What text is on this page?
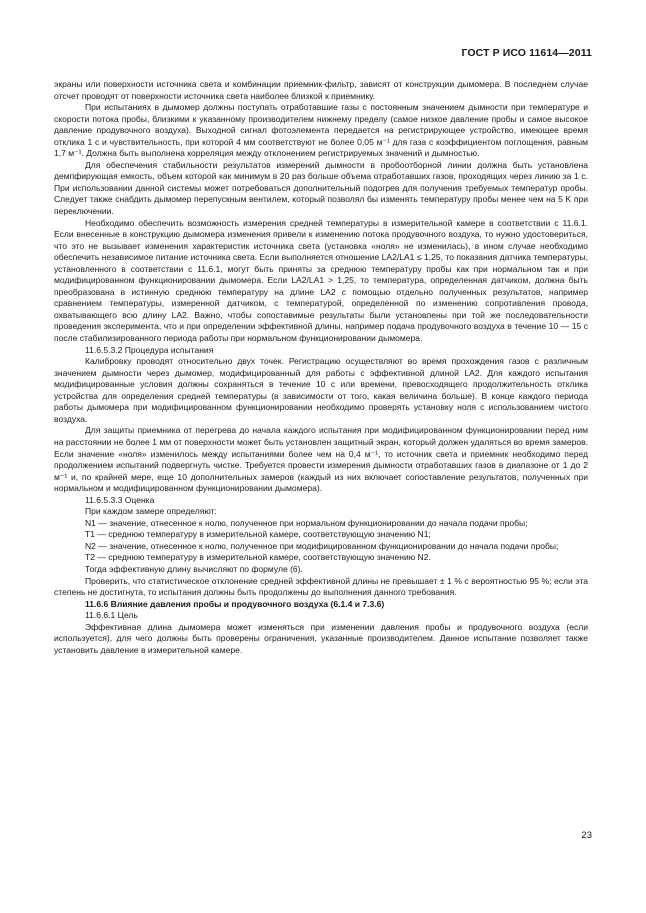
ГОСТ Р ИСО 11614—2011

экраны или поверхности источника света и комбинации приемник-фильтр, зависят от конструкции дымомера. В последнем случае отсчет проводят от поверхности источника света наиболее близкой к приемнику.

При испытаниях в дымомер должны поступать отработавшие газы с постоянным значением дымности при температуре и скорости потока пробы, близкими к указанному производителем нижнему пределу (самое низкое давление пробы и самое высокое давление продувочного воздуха). Выходной сигнал фотоэлемента передается на регистрирующее устройство, имеющее время отклика 1 с и чувствительность, при которой 4 мм соответствуют не более 0,05 м⁻¹ для газа с коэффициентом поглощения, равным 1,7 м⁻¹. Должна быть выполнена корреляция между отклонением регистрируемых значений и дымностью.

Для обеспечения стабильности результатов измерений дымности в пробоотборной линии должна быть установлена демпфирующая емкость, объем которой как минимум в 20 раз больше объема отработавших газов, проходящих через линию за 1 с. При использовании данной системы может потребоваться дополнительный подогрев для получения требуемых температур пробы. Следует также снабдить дымомер перепускным вентилем, который позволял бы изменять температуру пробы менее чем на 5 K при переключении.

Необходимо обеспечить возможность измерения средней температуры в измерительной камере в соответствии с 11.6.1. Если внесенные в конструкцию дымомера изменения привели к изменению потока продувочного воздуха, то нужно удостовериться, что это не вызывает изменения характеристик источника света (установка «ноля» не изменилась), в ином случае необходимо обеспечить независимое питание источника света. Если выполняется отношение LA2/LA1 ≤ 1,25, то показания датчика температуры, установленного в соответствии с 11.6.1, могут быть приняты за среднюю температуру пробы как при нормальном так и при модифицированном функционировании дымомера. Если LA2/LA1 > 1,25, то температура, определенная датчиком, должна быть преобразована в истинную среднюю температуру на длине LA2 с помощью отдельно полученных результатов, например сравнением температуры, измеренной датчиком, с температурой, определенной по изменению сопротивления провода, охватывающего всю длину LA2. Важно, чтобы сопоставимые результаты были установлены при той же последовательности проведения эксперимента, что и при определении эффективной длины, например подача продувочного воздуха в течение 10 — 15 с после стабилизированного периода работы при нормальном функционировании дымомера.

11.6.5.3.2 Процедура испытания

Калибровку проводят относительно двух точек. Регистрацию осуществляют во время прохождения газов с различным значением дымности через дымомер, модифицированный для работы с эффективной длиной LA2. Для каждого испытания модифицированные условия должны сохраняться в течение 10 с или времени, превосходящего продолжительность отклика устройства для определения средней температуры (в зависимости от того, какая величина больше). В конце каждого периода работы дымомера при модифицированном функционировании необходимо проверять установку ноля с использованием чистого воздуха.

Для защиты приемника от перегрева до начала каждого испытания при модифицированном функционировании перед ним на расстоянии не более 1 мм от поверхности может быть установлен защитный экран, который должен удаляться во время замеров. Если значение «ноля» изменилось между испытаниями более чем на 0,4 м⁻¹, то источник света и приемник необходимо перед продолжением испытаний подвергнуть чистке. Требуется провести измерения дымности отработавших газов в диапазоне от 1 до 2 м⁻¹ и, по крайней мере, еще 10 дополнительных замеров (каждый из них включает сопоставление результатов, полученных при нормальном и модифицированном функционировании дымомера).

11.6.5.3.3 Оценка

При каждом замере определяют:

N1 — значение, отнесенное к нолю, полученное при нормальном функционировании до начала подачи пробы;

T1 — среднюю температуру в измерительной камере, соответствующую значению N1;

N2 — значение, отнесенное к нолю, полученное при модифицированном функционировании до начала подачи пробы;

T2 — среднюю температуру в измерительной камере, соответствующую значению N2.

Тогда эффективную длину вычисляют по формуле (6).

Проверить, что статистическое отклонение средней эффективной длины не превышает ± 1 % с вероятностью 95 %; если эта степень не достигнута, то испытания должны быть продолжены до выполнения данного требования.

11.6.6 Влияние давления пробы и продувочного воздуха (6.1.4 и 7.3.6)

11.6.6.1 Цель

Эффективная длина дымомера может изменяться при изменении давления пробы и продувочного воздуха (если используется), для чего должны быть проверены ограничения, указанные производителем. Данное испытание позволяет также установить давление в измерительной камере.

23
